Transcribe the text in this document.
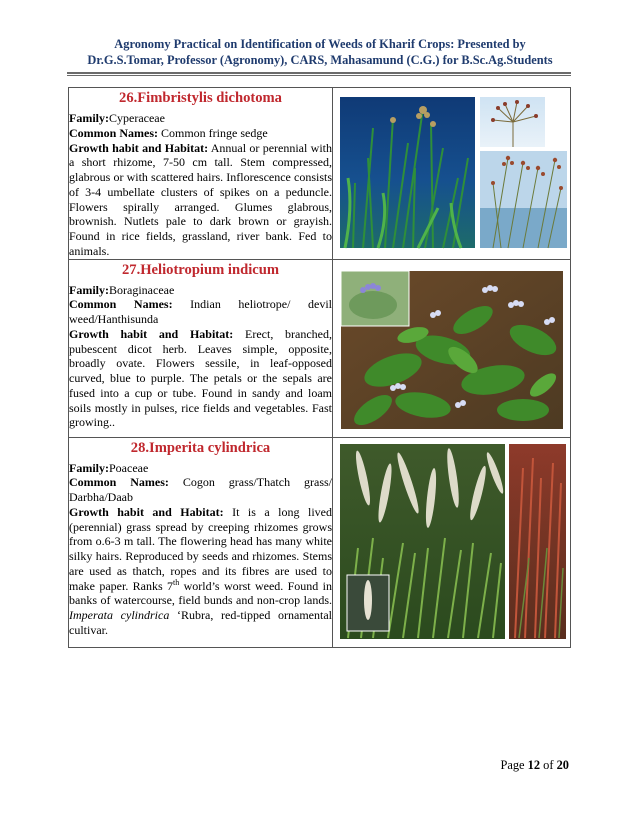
Agronomy Practical on Identification of Weeds of Kharif Crops: Presented by
Dr.G.S.Tomar, Professor (Agronomy), CARS, Mahasamund (C.G.) for B.Sc.Ag.Students
26.Fimbristylis dichotoma
Family:Cyperaceae
Common Names: Common fringe sedge
Growth habit and Habitat: Annual or perennial with a short rhizome, 7-50 cm tall. Stem compressed, glabrous or with scattered hairs. Inflorescence consists of 3-4 umbellate clusters of spikes on a peduncle. Flowers spirally arranged. Glumes glabrous, brownish. Nutlets pale to dark brown or grayish. Found in rice fields, grassland, river bank. Fed to animals.

27.Heliotropium indicum
Family:Boraginaceae
Common Names: Indian heliotrope/ devil weed/Hanthisunda
Growth habit and Habitat: Erect, branched, pubescent dicot herb. Leaves simple, opposite, broadly ovate. Flowers sessile, in leaf-opposed curved, blue to purple. The petals or the sepals are fused into a cup or tube. Found in sandy and loam soils mostly in pulses, rice fields and vegetables. Fast growing..

28.Imperita cylindrica
Family:Poaceae
Common Names: Cogon grass/Thatch grass/ Darbha/Daab
Growth habit and Habitat: It is a long lived (perennial) grass spread by creeping rhizomes grows from o.6-3 m tall. The flowering head has many white silky hairs. Reproduced by seeds and rhizomes. Stems are used as thatch, ropes and its fibres are used to make paper. Ranks 7th world’s worst weed. Found in banks of watercourse, field bunds and non-crop lands. Imperata cylindrica ‘Rubra, red-tipped ornamental cultivar.

Page 12 of 20
